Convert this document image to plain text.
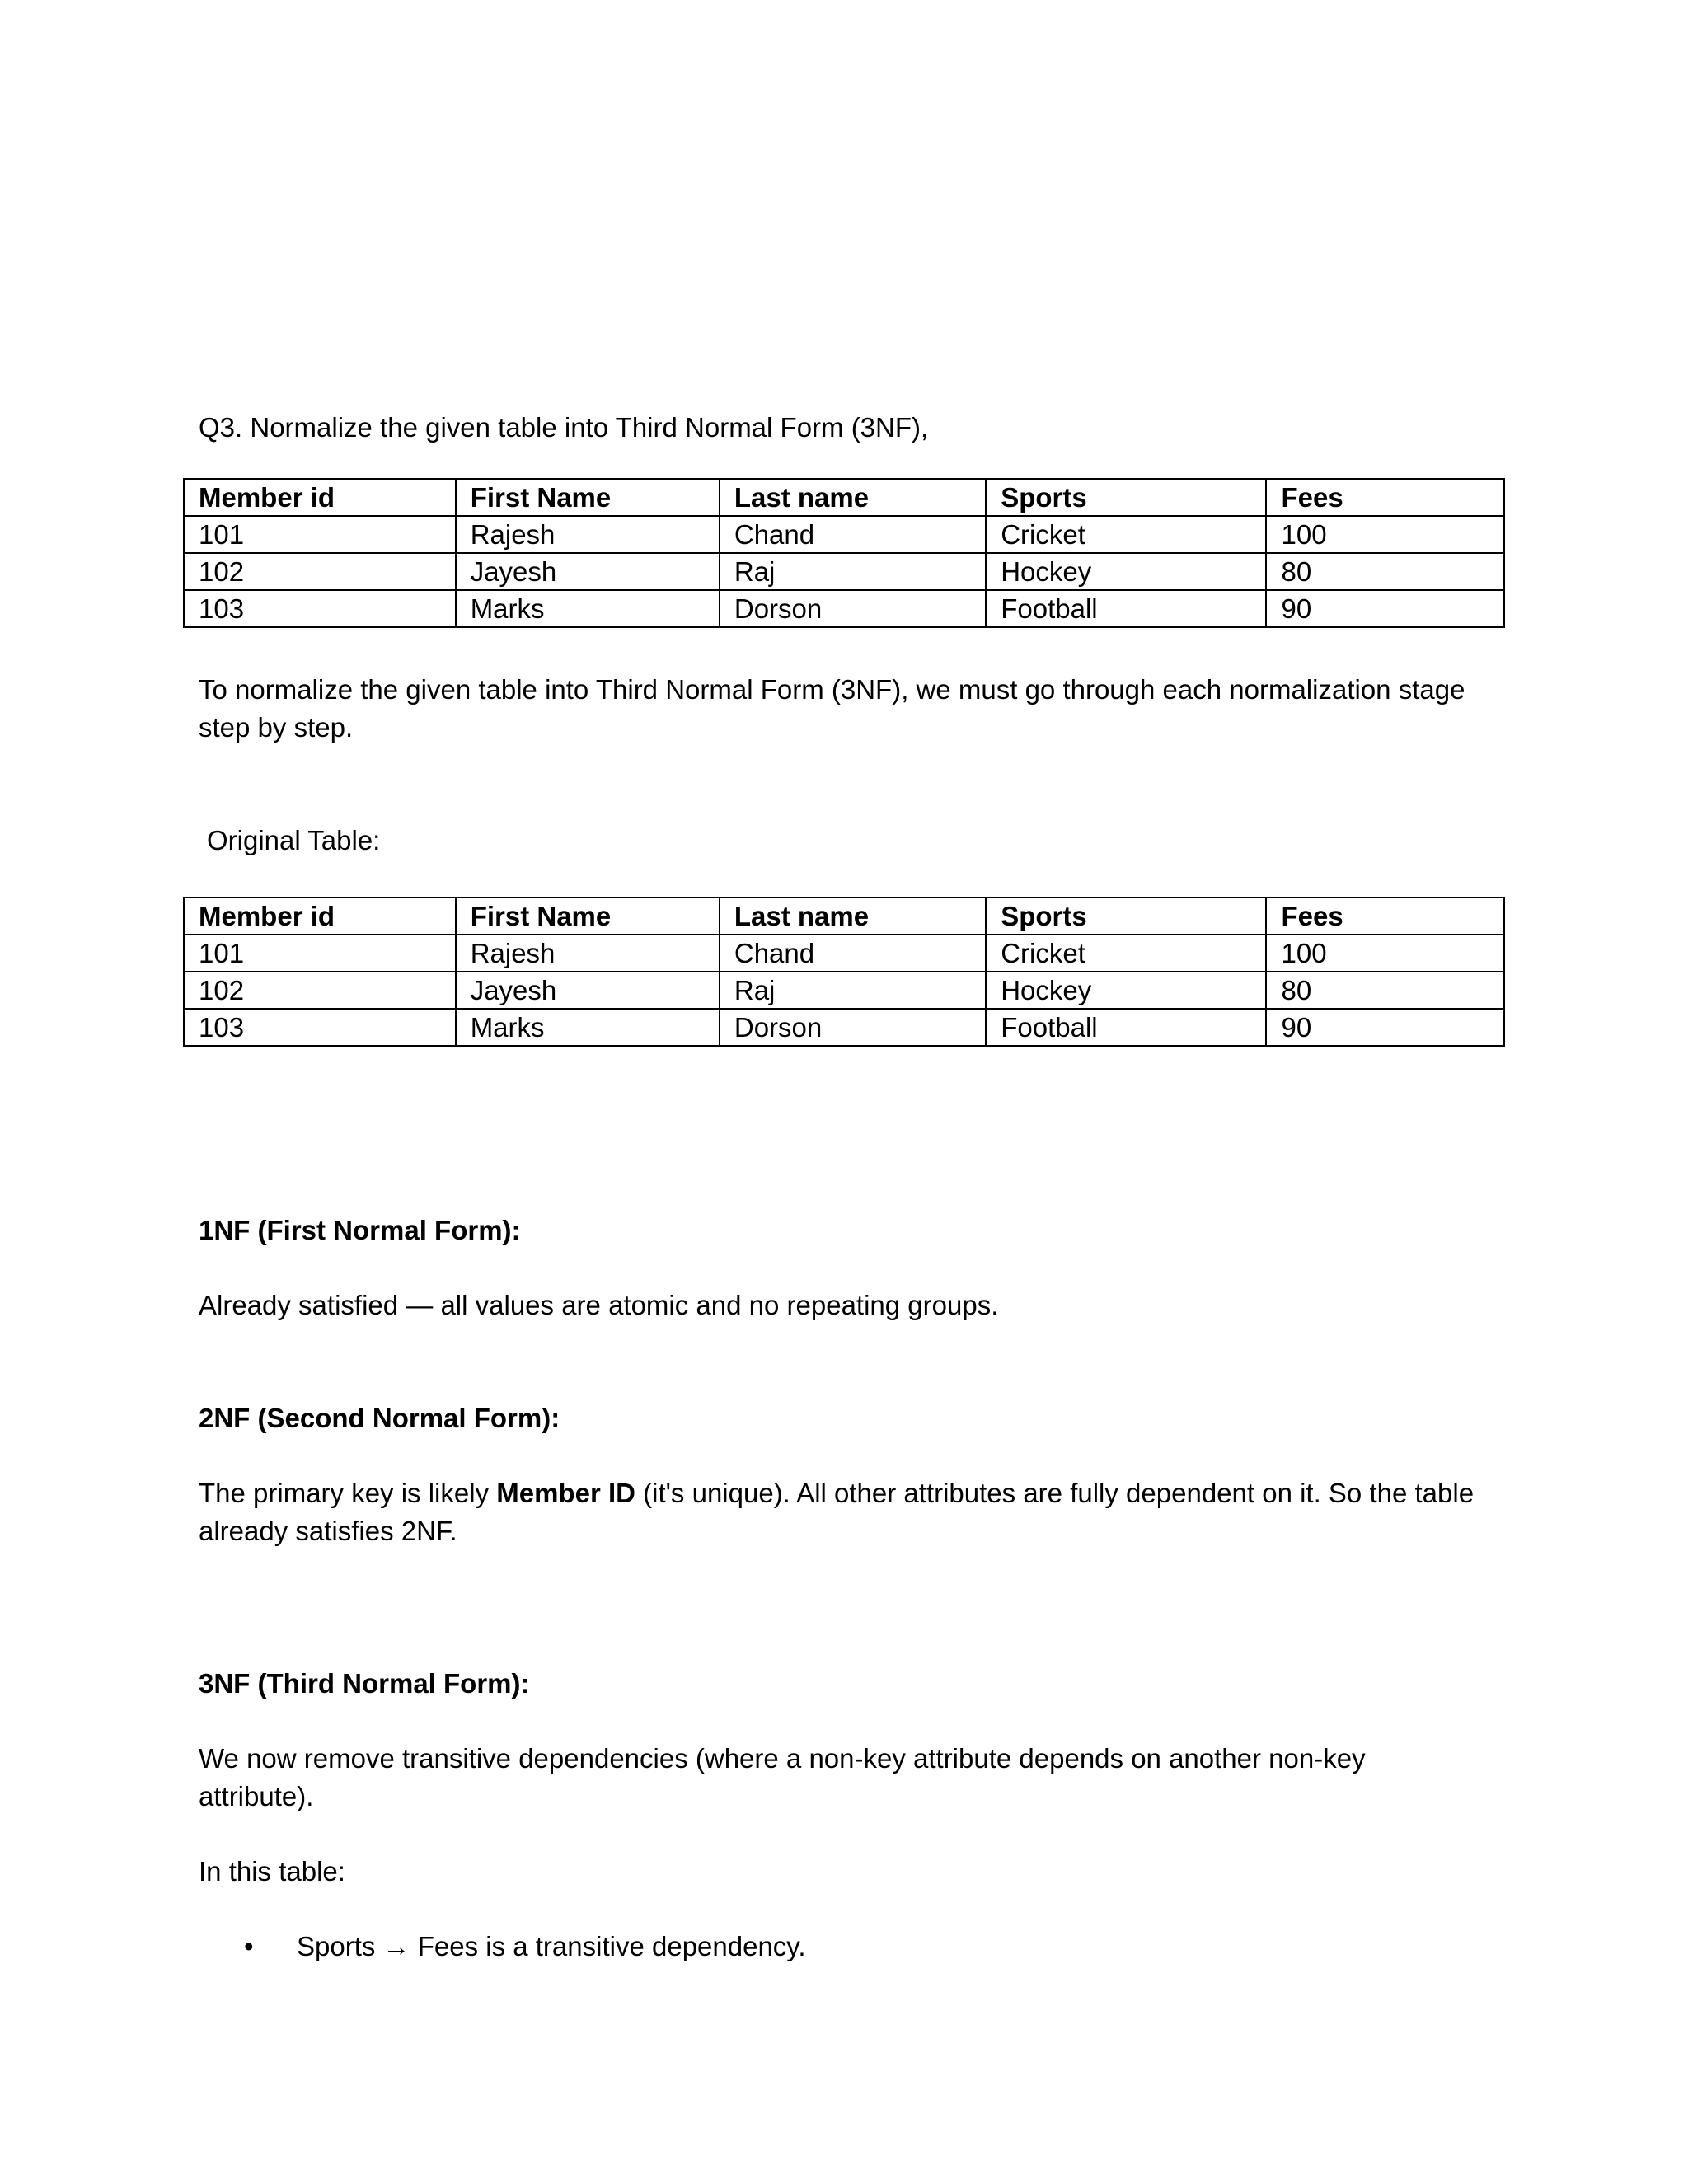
Q3. Normalize the given table into Third Normal Form (3NF),
Member id	First Name	Last name	Sports	Fees
101	Rajesh	Chand	Cricket	100
102	Jayesh	Raj	Hockey	80
103	Marks	Dorson	Football	90
To normalize the given table into Third Normal Form (3NF), we must go through each normalization stage step by step.
Original Table:
Member id	First Name	Last name	Sports	Fees
101	Rajesh	Chand	Cricket	100
102	Jayesh	Raj	Hockey	80
103	Marks	Dorson	Football	90
1NF (First Normal Form):
Already satisfied — all values are atomic and no repeating groups.
2NF (Second Normal Form):
The primary key is likely Member ID (it's unique). All other attributes are fully dependent on it. So the table already satisfies 2NF.
3NF (Third Normal Form):
We now remove transitive dependencies (where a non-key attribute depends on another non-key attribute).
In this table:
• Sports → Fees is a transitive dependency.
